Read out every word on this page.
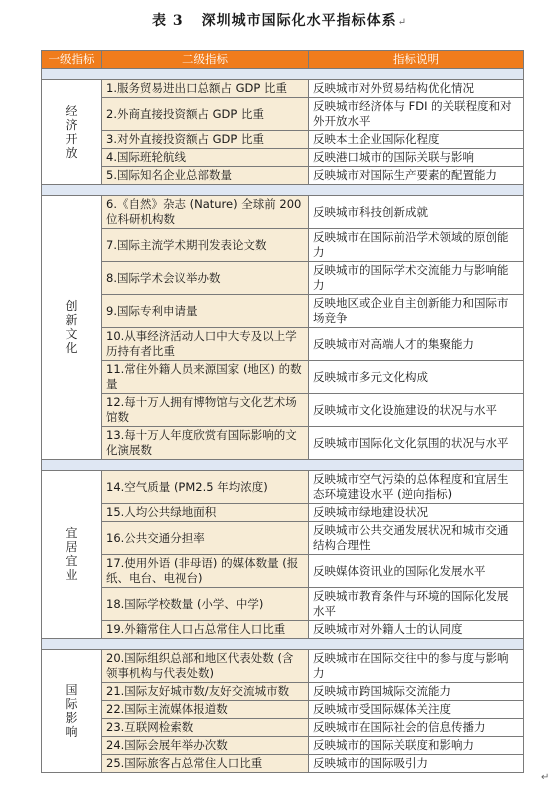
表 3 深圳城市国际化水平指标体系↵
一级指标	二级指标	指标说明

经济开放	1.服务贸易进出口总额占 GDP 比重	反映城市对外贸易结构优化情况
	2.外商直接投资额占 GDP 比重	反映城市经济体与 FDI 的关联程度和对外开放水平
	3.对外直接投资额占 GDP 比重	反映本土企业国际化程度
	4.国际班轮航线	反映港口城市的国际关联与影响
	5.国际知名企业总部数量	反映城市对国际生产要素的配置能力

创新文化	6.《自然》杂志 (Nature) 全球前 200 位科研机构数	反映城市科技创新成就
	7.国际主流学术期刊发表论文数	反映城市在国际前沿学术领域的原创能力
	8.国际学术会议举办数	反映城市的国际学术交流能力与影响能力
	9.国际专利申请量	反映地区或企业自主创新能力和国际市场竞争
	10.从事经济活动人口中大专及以上学历持有者比重	反映城市对高端人才的集聚能力
	11.常住外籍人员来源国家 (地区) 的数量	反映城市多元文化构成
	12.每十万人拥有博物馆与文化艺术场馆数	反映城市文化设施建设的状况与水平
	13.每十万人年度欣赏有国际影响的文化演展数	反映城市国际化文化氛围的状况与水平

宜居宜业	14.空气质量 (PM2.5 年均浓度)	反映城市空气污染的总体程度和宜居生态环境建设水平 (逆向指标)
	15.人均公共绿地面积	反映城市绿地建设状况
	16.公共交通分担率	反映城市公共交通发展状况和城市交通结构合理性
	17.使用外语 (非母语) 的媒体数量 (报纸、电台、电视台)	反映媒体资讯业的国际化发展水平
	18.国际学校数量 (小学、中学)	反映城市教育条件与环境的国际化发展水平
	19.外籍常住人口占总常住人口比重	反映城市对外籍人士的认同度

国际影响	20.国际组织总部和地区代表处数 (含领事机构与代表处数)	反映城市在国际交往中的参与度与影响力
	21.国际友好城市数/友好交流城市数	反映城市跨国城际交流能力
	22.国际主流媒体报道数	反映城市受国际媒体关注度
	23.互联网检索数	反映城市在国际社会的信息传播力
	24.国际会展年举办次数	反映城市的国际关联度和影响力
	25.国际旅客占总常住人口比重	反映城市的国际吸引力
↵
